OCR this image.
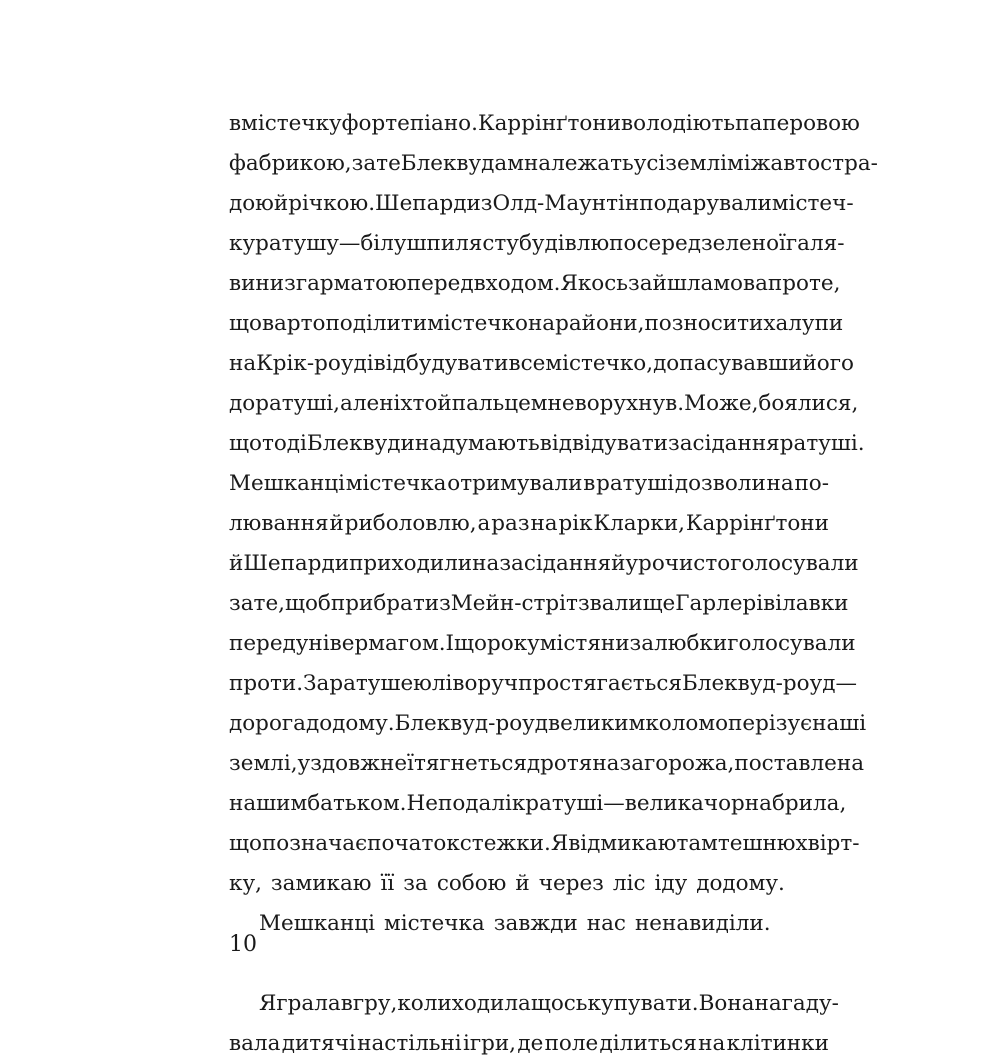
в містечку фортепіано. Каррінґтони володіють паперовою
фабрикою, зате Блеквудам належать усі землі між автостра-
дою й річкою. Шепарди з Олд-Маунтін подарували містеч-
ку ратушу — білу шпилясту будівлю посеред зеленої галя-
вини з гарматою перед входом. Якось зайшла мова про те,
що варто поділити містечко на райони, позносити халупи
на Крік-роуд і відбудувати все містечко, допасувавши його
до ратуші, але ніхто й пальцем не ворухнув. Може, боялися,
що тоді Блеквуди надумають відвідувати засідання ратуші.
Мешканці містечка отримували в ратуші дозволи на по-
лювання й риболовлю, а раз на рік Кларки, Каррінґтони
й Шепарди приходили на засідання й урочисто голосували
за те, щоб прибрати з Мейн-стріт звалище Гарлерів і лавки
перед універмагом. І щороку містяни залюбки голосували
проти. За ратушею ліворуч простягається Блеквуд-роуд —
дорога додому. Блеквуд-роуд великим колом оперізує наші
землі, уздовж неї тягнеться дротяна загорожа, поставлена
нашим батьком. Неподалік ратуші — велика чорна брила,
що позначає початок стежки. Я відмикаю тамтешню хвірт-
ку, замикаю її за собою й через ліс іду додому.
Мешканці містечка завжди нас ненавиділи.
Я грала в гру, коли ходила щось купувати. Вона нагаду-
вала дитячі настільні ігри, де поле ділиться на клітинки
10
